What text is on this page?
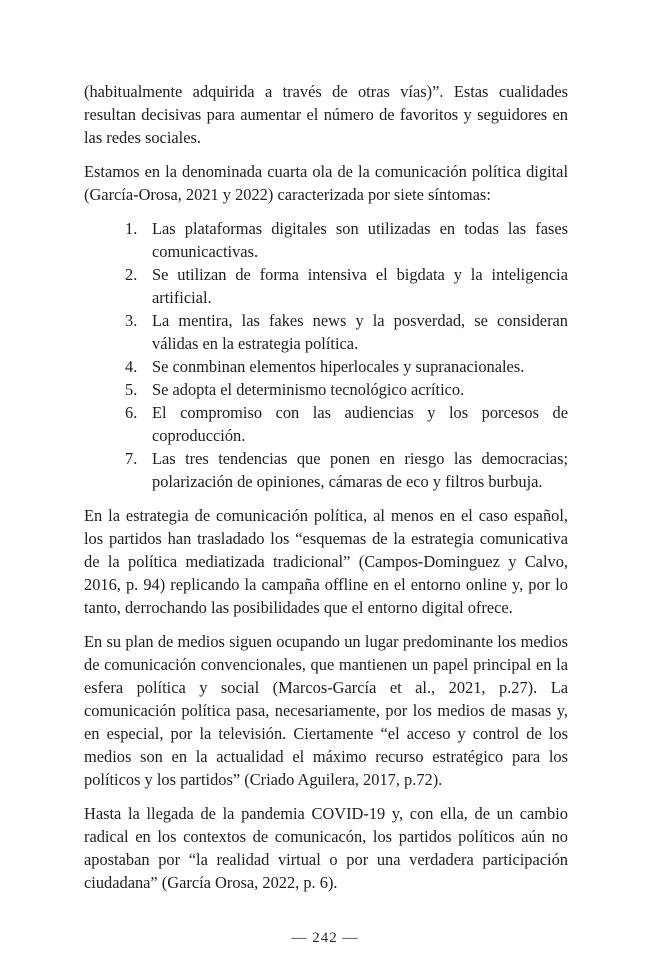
(habitualmente adquirida a través de otras vías)”. Estas cualidades resultan decisivas para aumentar el número de favoritos y seguidores en las redes sociales.

Estamos en la denominada cuarta ola de la comunicación política digital (García-Orosa, 2021 y 2022) caracterizada por siete síntomas:

1. Las plataformas digitales son utilizadas en todas las fases comunicactivas.
2. Se utilizan de forma intensiva el bigdata y la inteligencia artificial.
3. La mentira, las fakes news y la posverdad, se consideran válidas en la estrategia política.
4. Se conmbinan elementos hiperlocales y supranacionales.
5. Se adopta el determinismo tecnológico acrítico.
6. El compromiso con las audiencias y los porcesos de coproducción.
7. Las tres tendencias que ponen en riesgo las democracias; polarización de opiniones, cámaras de eco y filtros burbuja.

En la estrategia de comunicación política, al menos en el caso español, los partidos han trasladado los “esquemas de la estrategia comunicativa de la política mediatizada tradicional” (Campos-Dominguez y Calvo, 2016, p. 94) replicando la campaña offline en el entorno online y, por lo tanto, derrochando las posibilidades que el entorno digital ofrece.

En su plan de medios siguen ocupando un lugar predominante los medios de comunicación convencionales, que mantienen un papel principal en la esfera política y social (Marcos-García et al., 2021, p.27). La comunicación política pasa, necesariamente, por los medios de masas y, en especial, por la televisión. Ciertamente “el acceso y control de los medios son en la actualidad el máximo recurso estratégico para los políticos y los partidos” (Criado Aguilera, 2017, p.72).

Hasta la llegada de la pandemia COVID-19 y, con ella, de un cambio radical en los contextos de comunicacón, los partidos políticos aún no apostaban por “la realidad virtual o por una verdadera participación ciudadana” (García Orosa, 2022, p. 6).

— 242 —
